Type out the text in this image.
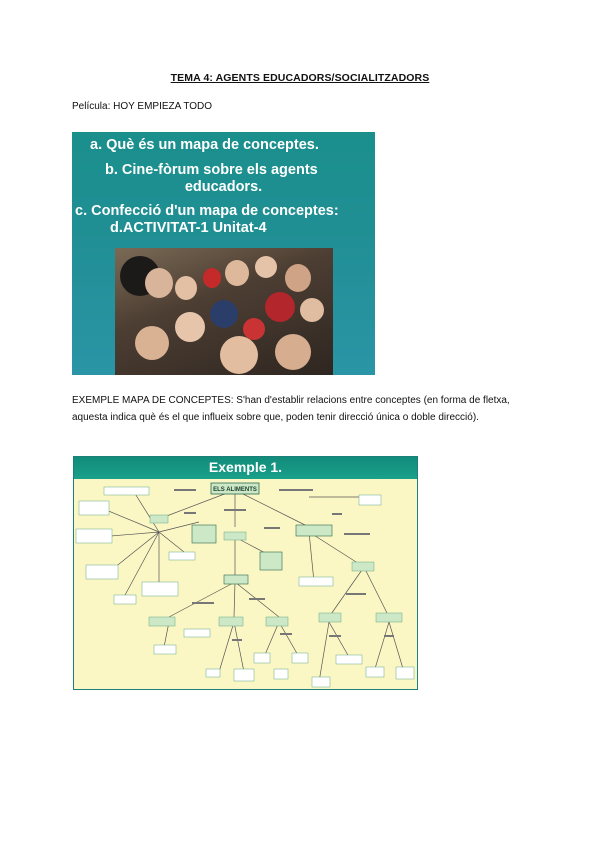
TEMA 4: AGENTS EDUCADORS/SOCIALITZADORS
Película: HOY EMPIEZA TODO
a. Què és un mapa de conceptes.
b. Cine-fòrum sobre els agents
educadors.
c. Confecció d'un mapa de conceptes:
d.ACTIVITAT-1 Unitat-4
EXEMPLE MAPA DE CONCEPTES: S'han d'establir relacions entre conceptes (en forma de fletxa, aquesta indica què és el que influeix sobre que, poden tenir direcció única o doble direcció).
Exemple 1.
ELS ALIMENTS
